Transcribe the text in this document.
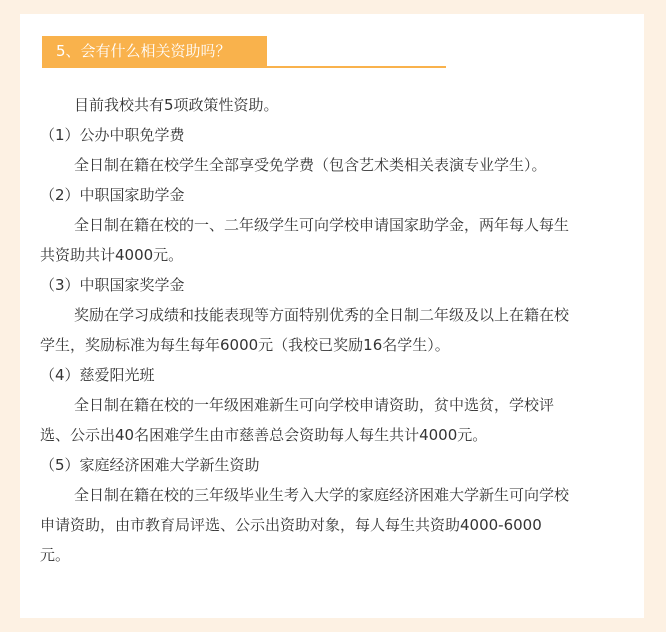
5、会有什么相关资助吗？

目前我校共有5项政策性资助。

（1）公办中职免学费

全日制在籍在校学生全部享受免学费（包含艺术类相关表演专业学生）。

（2）中职国家助学金

全日制在籍在校的一、二年级学生可向学校申请国家助学金，两年每人每生

共资助共计4000元。

（3）中职国家奖学金

奖励在学习成绩和技能表现等方面特别优秀的全日制二年级及以上在籍在校

学生，奖励标准为每生每年6000元（我校已奖励16名学生）。

（4）慈爱阳光班

全日制在籍在校的一年级困难新生可向学校申请资助，贫中选贫，学校评

选、公示出40名困难学生由市慈善总会资助每人每生共计4000元。

（5）家庭经济困难大学新生资助

全日制在籍在校的三年级毕业生考入大学的家庭经济困难大学新生可向学校

申请资助，由市教育局评选、公示出资助对象，每人每生共资助4000-6000

元。
